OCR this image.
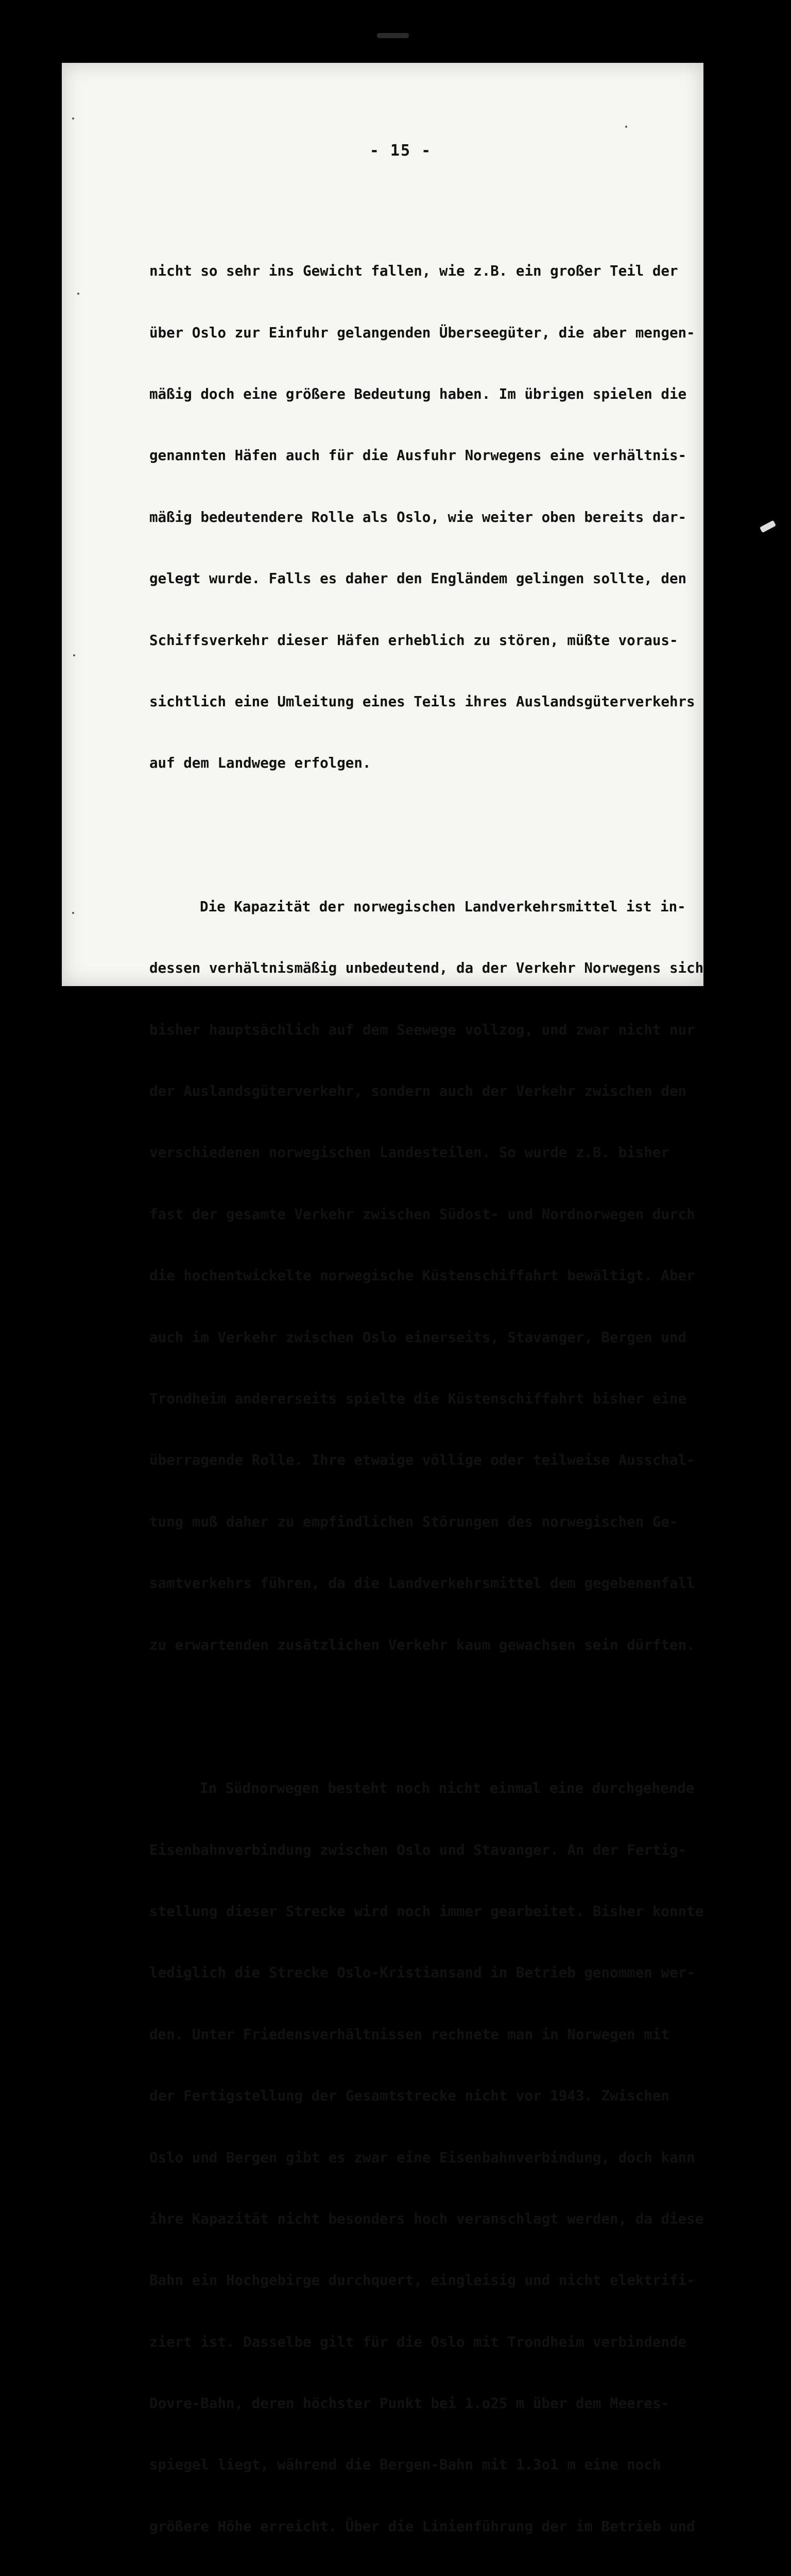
- 15 -

nicht so sehr ins Gewicht fallen, wie z.B. ein großer Teil der

über Oslo zur Einfuhr gelangenden Überseegüter, die aber mengen-

mäßig doch eine größere Bedeutung haben. Im übrigen spielen die

genannten Häfen auch für die Ausfuhr Norwegens eine verhältnis-

mäßig bedeutendere Rolle als Oslo, wie weiter oben bereits dar-

gelegt wurde. Falls es daher den Engländem gelingen sollte, den

Schiffsverkehr dieser Häfen erheblich zu stören, müßte voraus-

sichtlich eine Umleitung eines Teils ihres Auslandsgüterverkehrs

auf dem Landwege erfolgen.

Die Kapazität der norwegischen Landverkehrsmittel ist in-

dessen verhältnismäßig unbedeutend, da der Verkehr Norwegens sich

bisher hauptsächlich auf dem Seewege vollzog, und zwar nicht nur

der Auslandsgüterverkehr, sondern auch der Verkehr zwischen den

verschiedenen norwegischen Landesteilen. So wurde z.B. bisher

fast der gesamte Verkehr zwischen Südost- und Nordnorwegen durch

die hochentwickelte norwegische Küstenschiffahrt bewältigt. Aber

auch im Verkehr zwischen Oslo einerseits, Stavanger, Bergen und

Trondheim andererseits spielte die Küstenschiffahrt bisher eine

überragende Rolle. Ihre etwaige völlige oder teilweise Ausschal-

tung muß daher zu empfindlichen Störungen des norwegischen Ge-

samtverkehrs führen, da die Landverkehrsmittel dem gegebenenfall

zu erwartenden zusätzlichen Verkehr kaum gewachsen sein dürften.

In Südnorwegen besteht noch nicht einmal eine durchgehende

Eisenbahnverbindung zwischen Oslo und Stavanger. An der Fertig-

stellung dieser Strecke wird noch immer gearbeitet. Bisher konnte

lediglich die Strecke Oslo-Kristiansand in Betrieb genommen wer-

den. Unter Friedensverhältnissen rechnete man in Norwegen mit

der Fertigstellung der Gesamtstrecke nicht vor 1943. Zwischen

Oslo und Bergen gibt es zwar eine Eisenbahnverbindung, doch kann

ihre Kapazität nicht besonders hoch veranschlagt werden, da diese

Bahn ein Hochgebirge durchquert, eingleisig und nicht elektrifi-

ziert ist. Dasselbe gilt für die Oslo mit Trondheim verbindende

Dovre-Bahn, deren höchster Punkt bei 1.o25 m über dem Meeres-

spiegel liegt, während die Bergen-Bahn mit 1.3o1 m eine noch

größere Höhe erreicht. Über die Linienführung der im Betrieb und
